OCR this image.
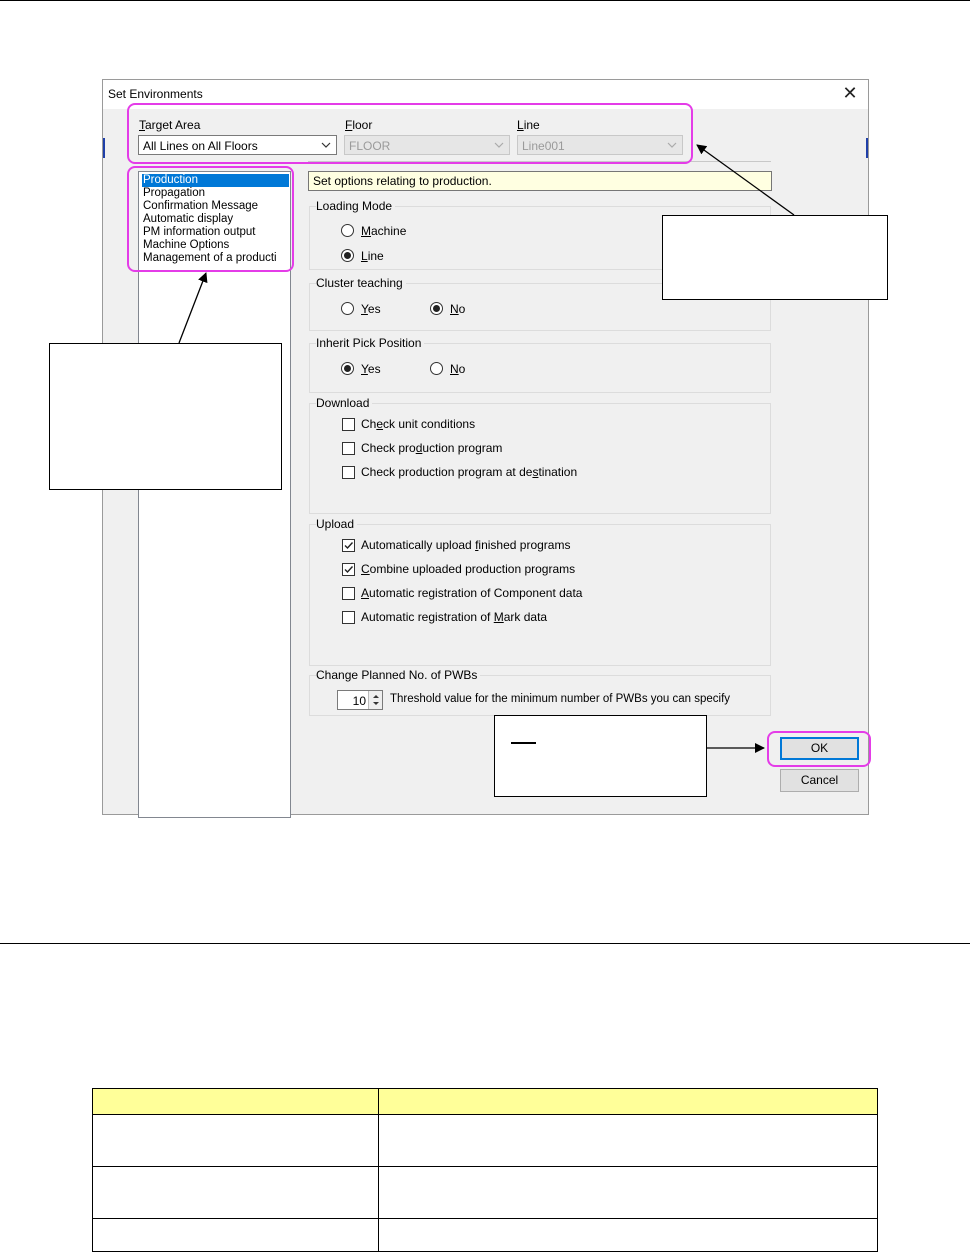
Set Environments	✕
Target Area	Floor	Line
All Lines on All Floors	FLOOR	Line001
Production
Propagation
Confirmation Message
Automatic display
PM information output
Machine Options
Management of a producti
Set options relating to production.
Loading Mode
Machine
Line
Cluster teaching
Yes	No
Inherit Pick Position
Yes	No
Download
Check unit conditions
Check production program
Check production program at destination
Upload
Automatically upload finished programs
Combine uploaded production programs
Automatic registration of Component data
Automatic registration of Mark data
Change Planned No. of PWBs
10 Threshold value for the minimum number of PWBs you can specify
OK
Cancel
